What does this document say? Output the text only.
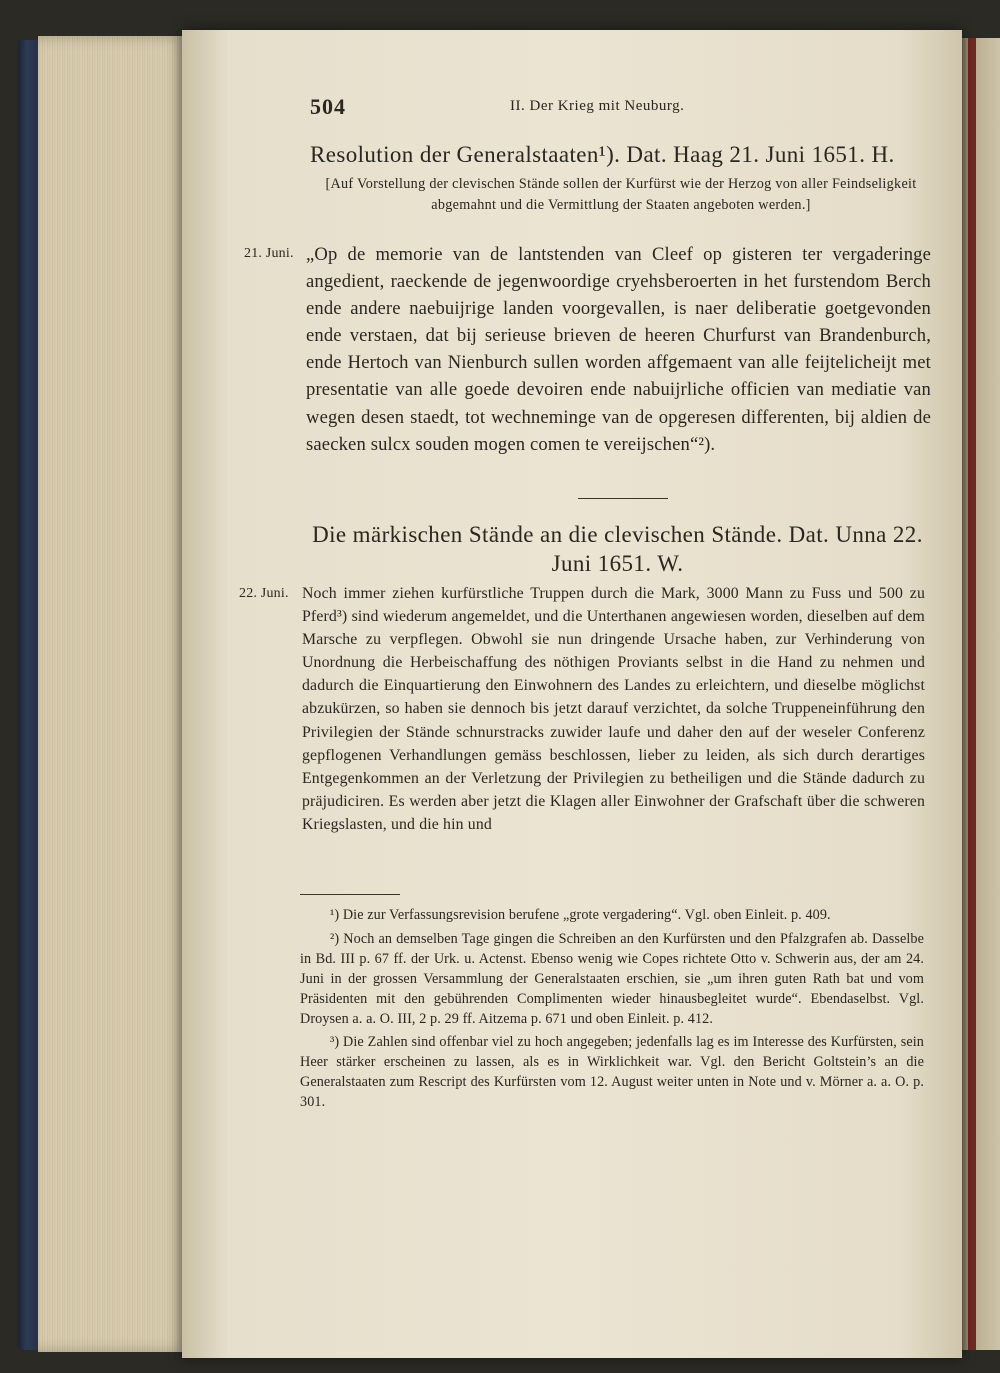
504	II. Der Krieg mit Neuburg.
Resolution der Generalstaaten¹). Dat. Haag 21. Juni 1651. H.
[Auf Vorstellung der clevischen Stände sollen der Kurfürst wie der Herzog von aller Feindseligkeit abgemahnt und die Vermittlung der Staaten angeboten werden.]
21. Juni. „Op de memorie van de lantstenden van Cleef op gisteren ter vergaderinge angedient, raeckende de jegenwoordige cryehsberoerten in het furstendom Berch ende andere naebuijrige landen voorgevallen, is naer deliberatie goetgevonden ende verstaen, dat bij serieuse brieven de heeren Churfurst van Brandenburch, ende Hertoch van Nienburch sullen worden affgemaent van alle feijtelicheijt met presentatie van alle goede devoiren ende nabuijrliche officien van mediatie van wegen desen staedt, tot wechneminge van de opgeresen differenten, bij aldien de saecken sulcx souden mogen comen te vereijschen“²).
Die märkischen Stände an die clevischen Stände. Dat. Unna 22. Juni 1651. W.
22. Juni. Noch immer ziehen kurfürstliche Truppen durch die Mark, 3000 Mann zu Fuss und 500 zu Pferd³) sind wiederum angemeldet, und die Unterthanen angewiesen worden, dieselben auf dem Marsche zu verpflegen. Obwohl sie nun dringende Ursache haben, zur Verhinderung von Unordnung die Herbeischaffung des nöthigen Proviants selbst in die Hand zu nehmen und dadurch die Einquartierung den Einwohnern des Landes zu erleichtern, und dieselbe möglichst abzukürzen, so haben sie dennoch bis jetzt darauf verzichtet, da solche Truppeneinführung den Privilegien der Stände schnurstracks zuwider laufe und daher den auf der weseler Conferenz gepflogenen Verhandlungen gemäss beschlossen, lieber zu leiden, als sich durch derartiges Entgegenkommen an der Verletzung der Privilegien zu betheiligen und die Stände dadurch zu präjudiciren. Es werden aber jetzt die Klagen aller Einwohner der Grafschaft über die schweren Kriegslasten, und die hin und

¹) Die zur Verfassungsrevision berufene „grote vergadering“. Vgl. oben Einleit. p. 409.

²) Noch an demselben Tage gingen die Schreiben an den Kurfürsten und den Pfalzgrafen ab. Dasselbe in Bd. III p. 67 ff. der Urk. u. Actenst. Ebenso wenig wie Copes richtete Otto v. Schwerin aus, der am 24. Juni in der grossen Versammlung der Generalstaaten erschien, sie „um ihren guten Rath bat und vom Präsidenten mit den gebührenden Complimenten wieder hinausbegleitet wurde“. Ebendaselbst. Vgl. Droysen a. a. O. III, 2 p. 29 ff. Aitzema p. 671 und oben Einleit. p. 412.

³) Die Zahlen sind offenbar viel zu hoch angegeben; jedenfalls lag es im Interesse des Kurfürsten, sein Heer stärker erscheinen zu lassen, als es in Wirklichkeit war. Vgl. den Bericht Goltstein’s an die Generalstaaten zum Rescript des Kurfürsten vom 12. August weiter unten in Note und v. Mörner a. a. O. p. 301.
